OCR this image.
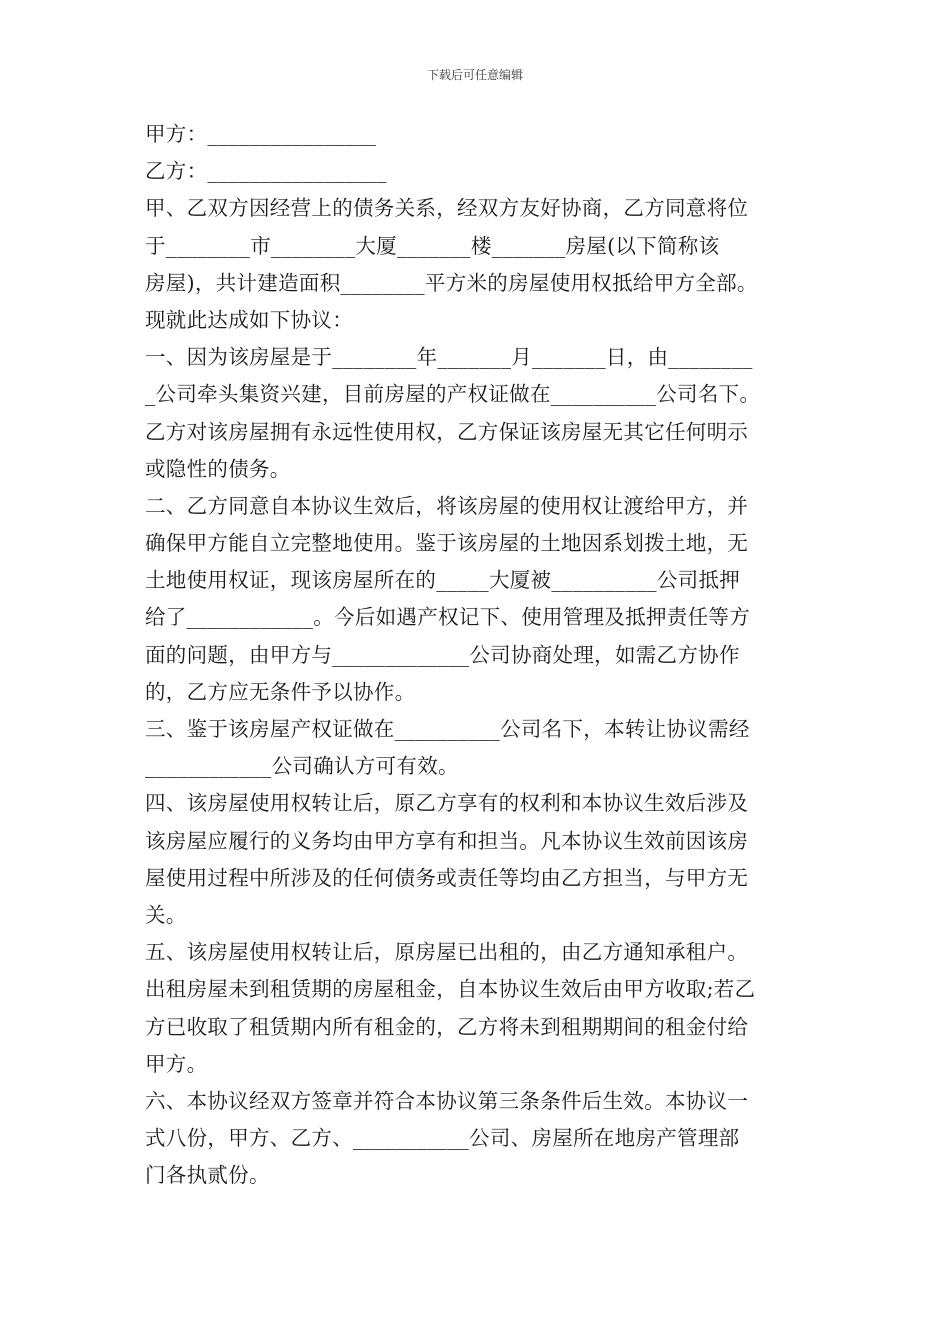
下载后可任意编辑
甲方：________________
乙方：_________________
甲、乙双方因经营上的债务关系，经双方友好协商，乙方同意将位
于________市________大厦_______楼_______房屋(以下简称该
房屋)，共计建造面积________平方米的房屋使用权抵给甲方全部。
现就此达成如下协议：
一、因为该房屋是于________年_______月_______日，由________
_公司牵头集资兴建，目前房屋的产权证做在__________公司名下。
乙方对该房屋拥有永远性使用权，乙方保证该房屋无其它任何明示
或隐性的债务。
二、乙方同意自本协议生效后，将该房屋的使用权让渡给甲方，并
确保甲方能自立完整地使用。鉴于该房屋的土地因系划拨土地，无
土地使用权证，现该房屋所在的_____大厦被__________公司抵押
给了____________。今后如遇产权记下、使用管理及抵押责任等方
面的问题，由甲方与_____________公司协商处理，如需乙方协作
的，乙方应无条件予以协作。
三、鉴于该房屋产权证做在__________公司名下，本转让协议需经
____________公司确认方可有效。
四、该房屋使用权转让后，原乙方享有的权利和本协议生效后涉及
该房屋应履行的义务均由甲方享有和担当。凡本协议生效前因该房
屋使用过程中所涉及的任何债务或责任等均由乙方担当，与甲方无
关。
五、该房屋使用权转让后，原房屋已出租的，由乙方通知承租户。
出租房屋未到租赁期的房屋租金，自本协议生效后由甲方收取;若乙
方已收取了租赁期内所有租金的，乙方将未到租期期间的租金付给
甲方。
六、本协议经双方签章并符合本协议第三条条件后生效。本协议一
式八份，甲方、乙方、___________公司、房屋所在地房产管理部
门各执贰份。
